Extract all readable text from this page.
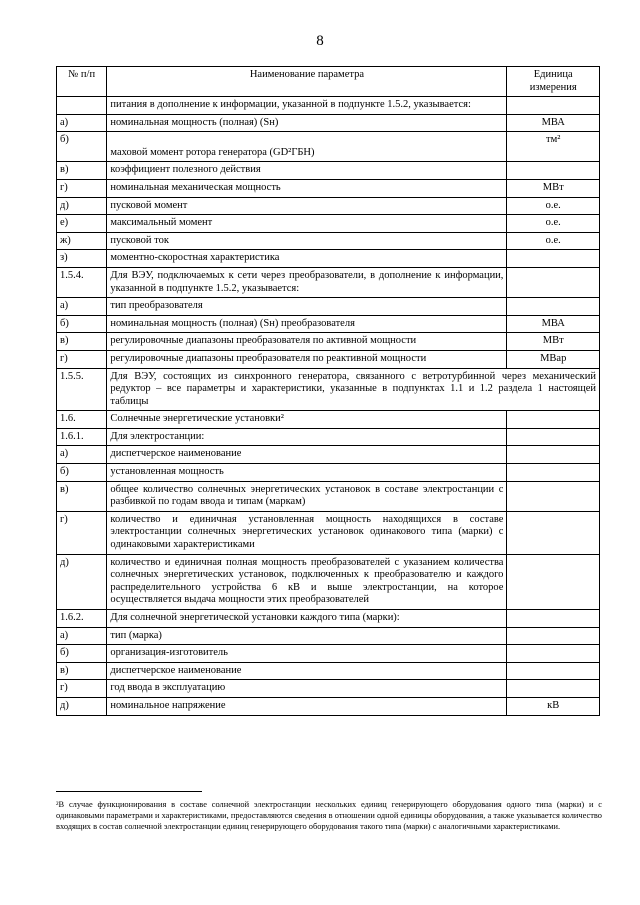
8
№ п/п	Наименование параметра	Единица измерения
	питания в дополнение к информации, указанной в подпункте 1.5.2, указывается:	
а)	номинальная мощность (полная) (Sн)	МВА
б)	маховой момент ротора генератора (GD²ГБН)	тм²
в)	коэффициент полезного действия	
г)	номинальная механическая мощность	МВт
д)	пусковой момент	о.е.
е)	максимальный момент	о.е.
ж)	пусковой ток	о.е.
з)	моментно-скоростная характеристика	
1.5.4.	Для ВЭУ, подключаемых к сети через преобразователи, в дополнение к информации, указанной в подпункте 1.5.2, указывается:	
а)	тип преобразователя	
б)	номинальная мощность (полная) (Sн) преобразователя	МВА
в)	регулировочные диапазоны преобразователя по активной мощности	МВт
г)	регулировочные диапазоны преобразователя по реактивной мощности	МВар
1.5.5.	Для ВЭУ, состоящих из синхронного генератора, связанного с ветротурбинной через механический редуктор – все параметры и характеристики, указанные в подпунктах 1.1 и 1.2 раздела 1 настоящей таблицы	
1.6.	Солнечные энергетические установки²	
1.6.1.	Для электростанции:	
а)	диспетчерское наименование	
б)	установленная мощность	
в)	общее количество солнечных энергетических установок в составе электростанции с разбивкой по годам ввода и типам (маркам)	
г)	количество и единичная установленная мощность находящихся в составе электростанции солнечных энергетических установок одинакового типа (марки) с одинаковыми характеристиками	
д)	количество и единичная полная мощность преобразователей с указанием количества солнечных энергетических установок, подключенных к преобразователю и каждого распределительного устройства 6 кВ и выше электростанции, на которое осуществляется выдача мощности этих преобразователей	
1.6.2.	Для солнечной энергетической установки каждого типа (марки):	
а)	тип (марка)	
б)	организация-изготовитель	
в)	диспетчерское наименование	
г)	год ввода в эксплуатацию	
д)	номинальное напряжение	кВ
²В случае функционирования в составе солнечной электростанции нескольких единиц генерирующего оборудования одного типа (марки) и с одинаковыми параметрами и характеристиками, предоставляются сведения в отношении одной единицы оборудования, а также указывается количество входящих в состав солнечной электростанции единиц генерирующего оборудования такого типа (марки) с аналогичными характеристиками.
